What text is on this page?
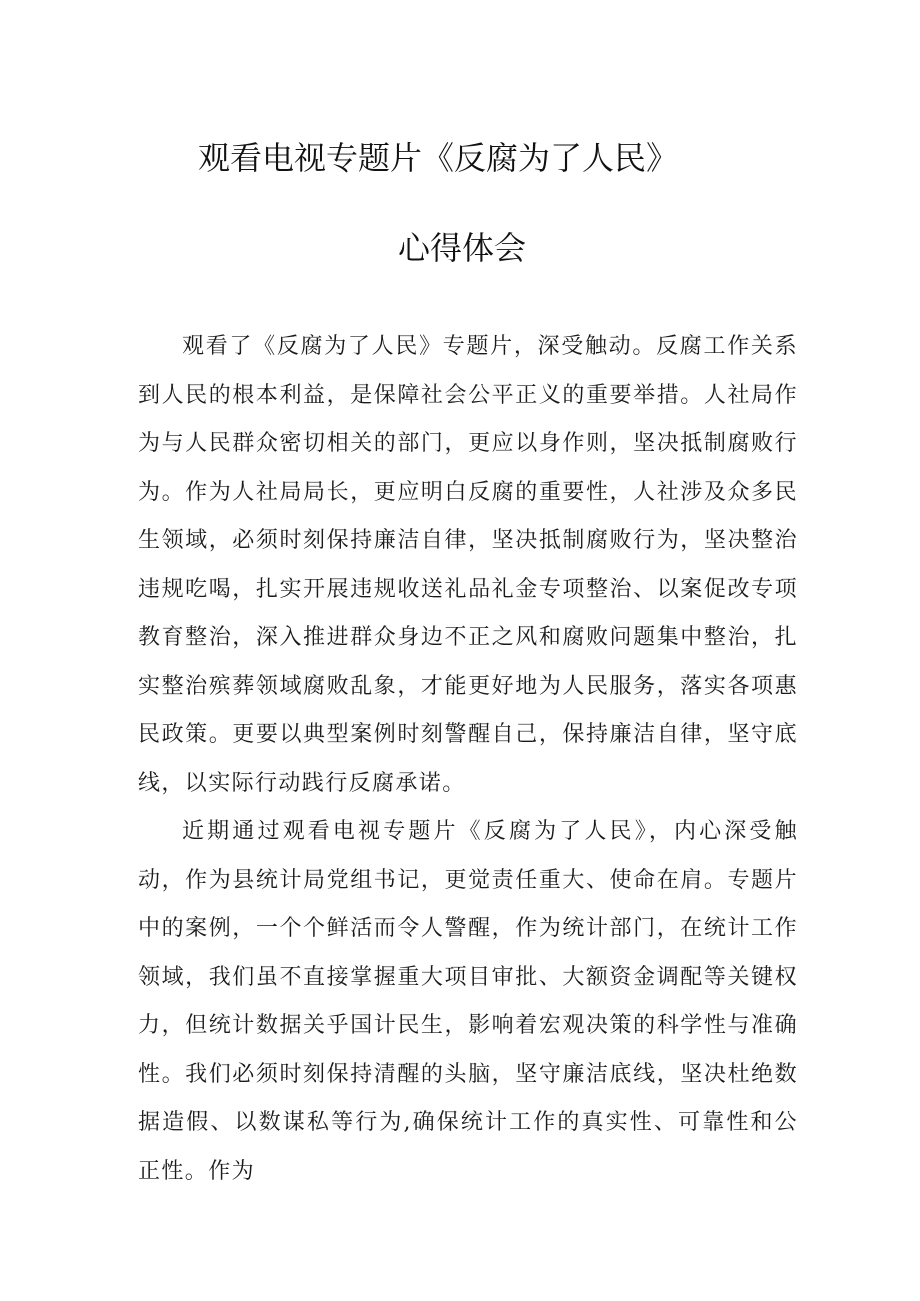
观看电视专题片《反腐为了人民》
心得体会

观看了《反腐为了人民》专题片，深受触动。反腐工作关系到人民的根本利益，是保障社会公平正义的重要举措。人社局作为与人民群众密切相关的部门，更应以身作则，坚决抵制腐败行为。作为人社局局长，更应明白反腐的重要性，人社涉及众多民生领域，必须时刻保持廉洁自律，坚决抵制腐败行为，坚决整治违规吃喝，扎实开展违规收送礼品礼金专项整治、以案促改专项教育整治，深入推进群众身边不正之风和腐败问题集中整治，扎实整治殡葬领域腐败乱象，才能更好地为人民服务，落实各项惠民政策。更要以典型案例时刻警醒自己，保持廉洁自律，坚守底线，以实际行动践行反腐承诺。

近期通过观看电视专题片《反腐为了人民》，内心深受触动，作为县统计局党组书记，更觉责任重大、使命在肩。专题片中的案例，一个个鲜活而令人警醒，作为统计部门，在统计工作领域，我们虽不直接掌握重大项目审批、大额资金调配等关键权力，但统计数据关乎国计民生，影响着宏观决策的科学性与准确性。我们必须时刻保持清醒的头脑，坚守廉洁底线，坚决杜绝数据造假、以数谋私等行为,确保统计工作的真实性、可靠性和公正性。作为
